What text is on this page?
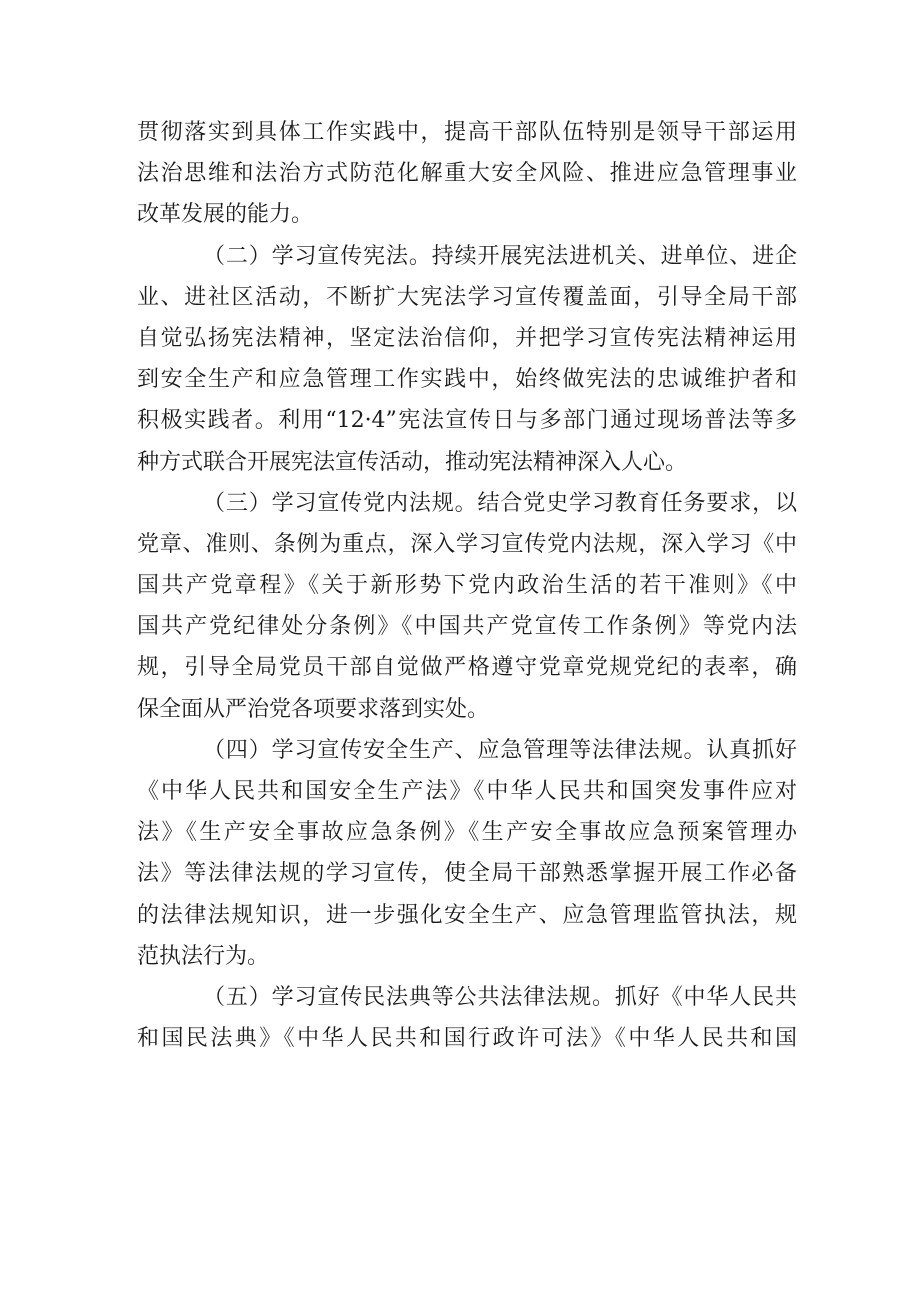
贯彻落实到具体工作实践中，提高干部队伍特别是领导干部运用
法治思维和法治方式防范化解重大安全风险、推进应急管理事业
改革发展的能力。
（二）学习宣传宪法。持续开展宪法进机关、进单位、进企
业、进社区活动，不断扩大宪法学习宣传覆盖面，引导全局干部
自觉弘扬宪法精神，坚定法治信仰，并把学习宣传宪法精神运用
到安全生产和应急管理工作实践中，始终做宪法的忠诚维护者和
积极实践者。利用“12·4”宪法宣传日与多部门通过现场普法等多
种方式联合开展宪法宣传活动，推动宪法精神深入人心。
（三）学习宣传党内法规。结合党史学习教育任务要求，以
党章、准则、条例为重点，深入学习宣传党内法规，深入学习《中
国共产党章程》《关于新形势下党内政治生活的若干准则》《中
国共产党纪律处分条例》《中国共产党宣传工作条例》等党内法
规，引导全局党员干部自觉做严格遵守党章党规党纪的表率，确
保全面从严治党各项要求落到实处。
（四）学习宣传安全生产、应急管理等法律法规。认真抓好
《中华人民共和国安全生产法》《中华人民共和国突发事件应对
法》《生产安全事故应急条例》《生产安全事故应急预案管理办
法》等法律法规的学习宣传，使全局干部熟悉掌握开展工作必备
的法律法规知识，进一步强化安全生产、应急管理监管执法，规
范执法行为。
（五）学习宣传民法典等公共法律法规。抓好《中华人民共
和国民法典》《中华人民共和国行政许可法》《中华人民共和国
